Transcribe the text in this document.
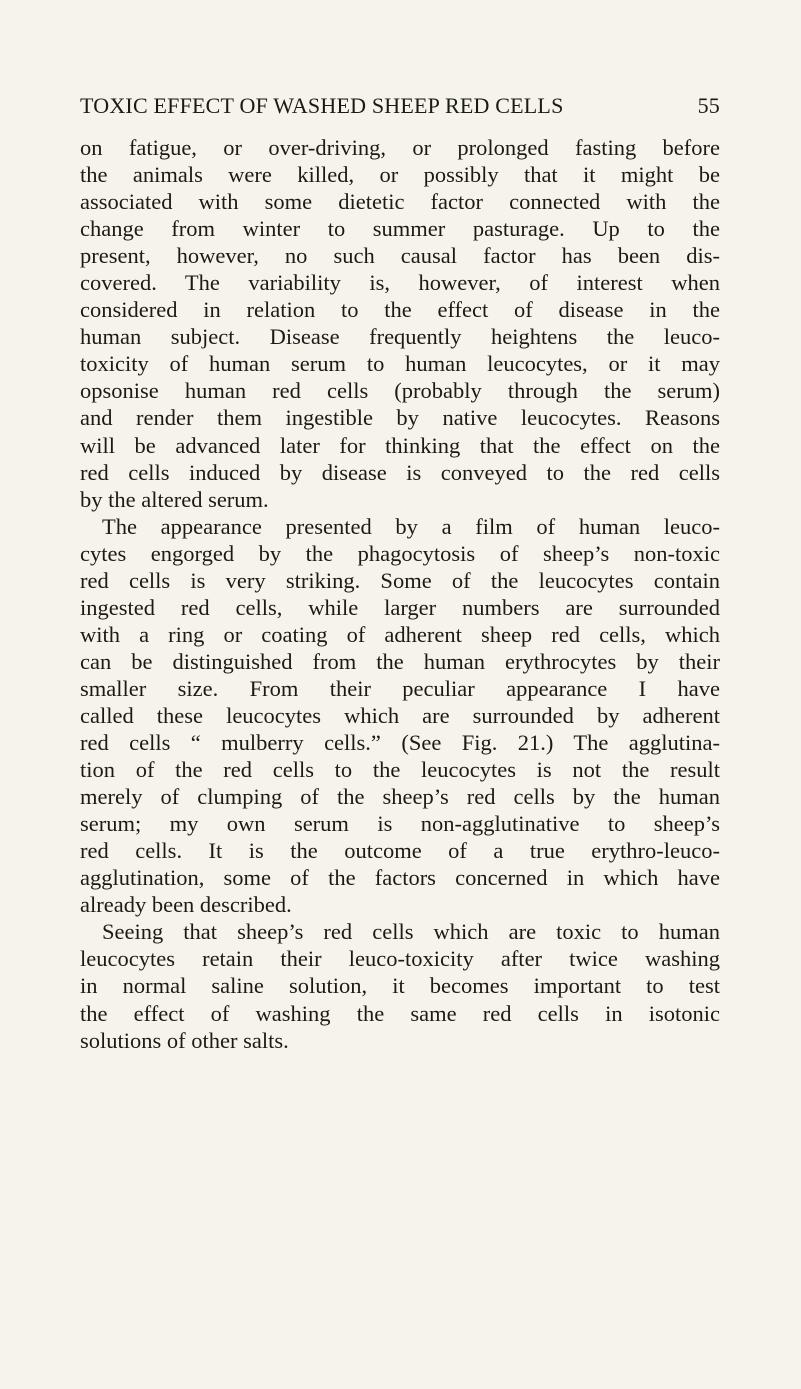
TOXIC EFFECT OF WASHED SHEEP RED CELLS	55
on fatigue, or over-driving, or prolonged fasting before
the animals were killed, or possibly that it might be
associated with some dietetic factor connected with the
change from winter to summer pasturage. Up to the
present, however, no such causal factor has been dis-
covered. The variability is, however, of interest when
considered in relation to the effect of disease in the
human subject. Disease frequently heightens the leuco-
toxicity of human serum to human leucocytes, or it may
opsonise human red cells (probably through the serum)
and render them ingestible by native leucocytes. Reasons
will be advanced later for thinking that the effect on the
red cells induced by disease is conveyed to the red cells
by the altered serum.
The appearance presented by a film of human leuco-
cytes engorged by the phagocytosis of sheep’s non-toxic
red cells is very striking. Some of the leucocytes contain
ingested red cells, while larger numbers are surrounded
with a ring or coating of adherent sheep red cells, which
can be distinguished from the human erythrocytes by their
smaller size. From their peculiar appearance I have
called these leucocytes which are surrounded by adherent
red cells “ mulberry cells.” (See Fig. 21.) The agglutina-
tion of the red cells to the leucocytes is not the result
merely of clumping of the sheep’s red cells by the human
serum; my own serum is non-agglutinative to sheep’s
red cells. It is the outcome of a true erythro-leuco-
agglutination, some of the factors concerned in which have
already been described.
Seeing that sheep’s red cells which are toxic to human
leucocytes retain their leuco-toxicity after twice washing
in normal saline solution, it becomes important to test
the effect of washing the same red cells in isotonic
solutions of other salts.
